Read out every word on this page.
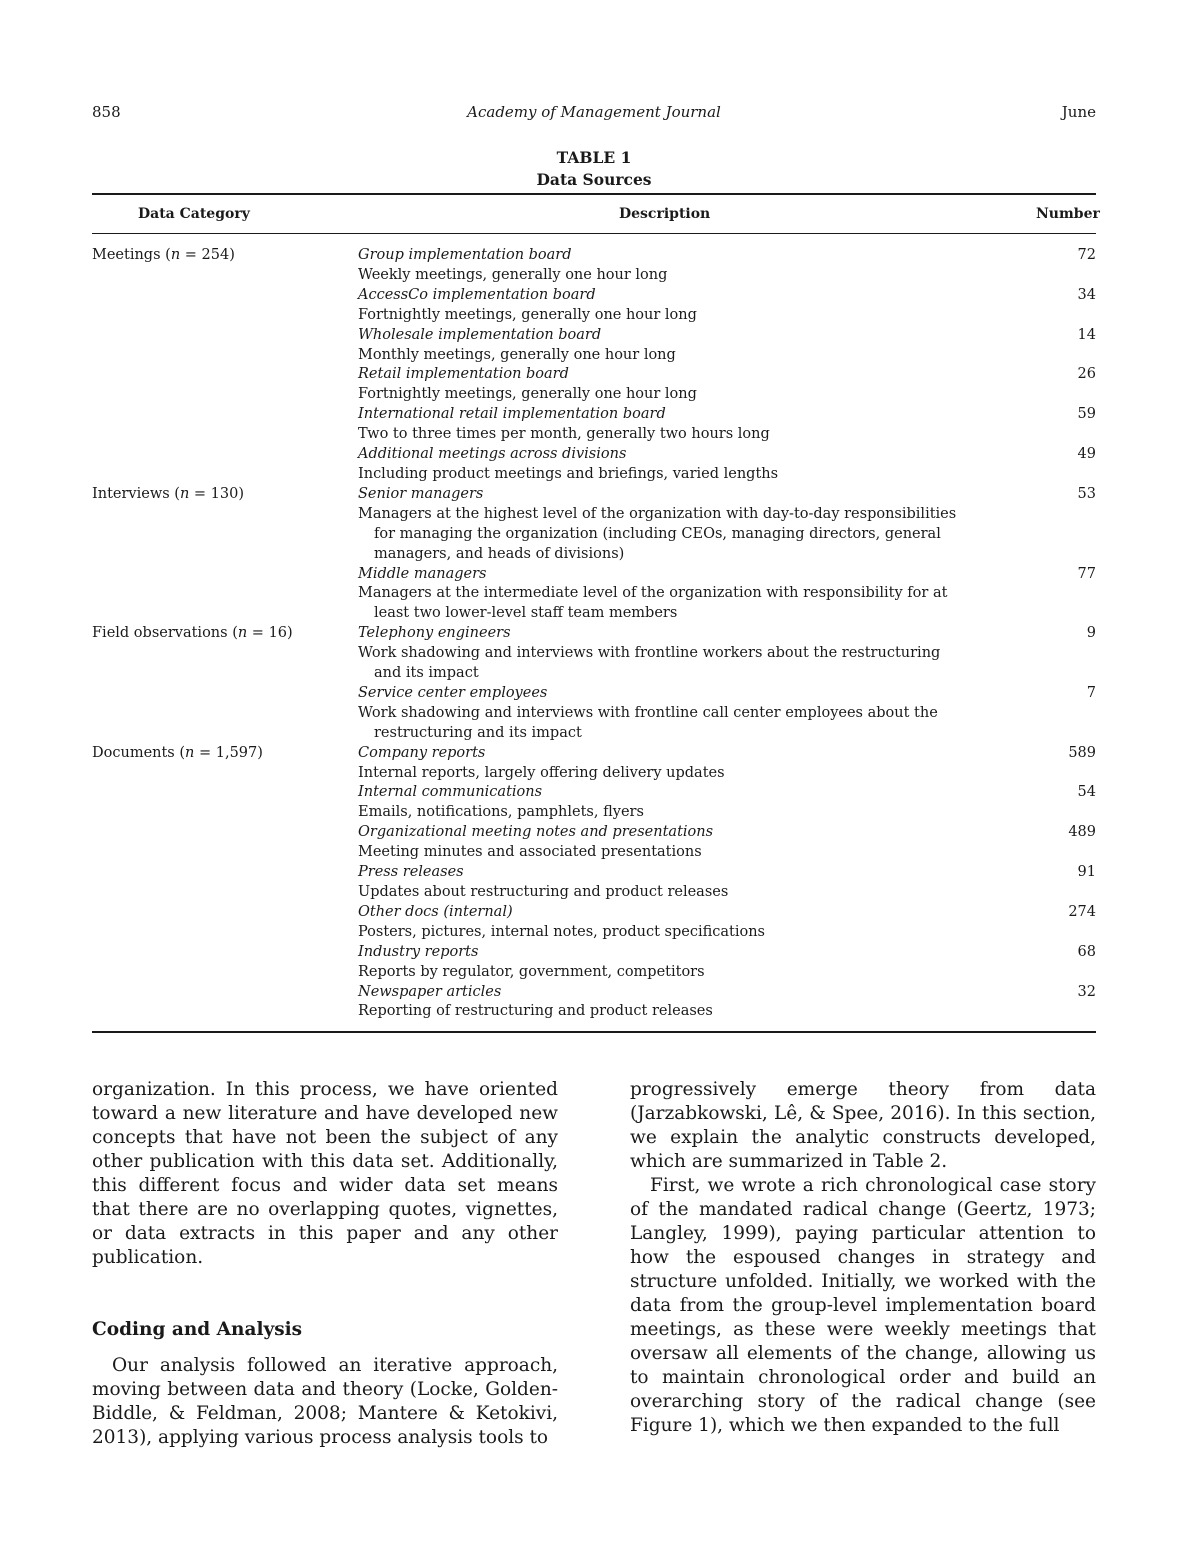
858	Academy of Management Journal	June
TABLE 1
Data Sources
Data Category	Description	Number
Meetings (n = 254)	Group implementation board	72
Weekly meetings, generally one hour long
AccessCo implementation board	34
Fortnightly meetings, generally one hour long
Wholesale implementation board	14
Monthly meetings, generally one hour long
Retail implementation board	26
Fortnightly meetings, generally one hour long
International retail implementation board	59
Two to three times per month, generally two hours long
Additional meetings across divisions	49
Including product meetings and briefings, varied lengths
Interviews (n = 130)	Senior managers	53
Managers at the highest level of the organization with day-to-day responsibilities for managing the organization (including CEOs, managing directors, general managers, and heads of divisions)
Middle managers	77
Managers at the intermediate level of the organization with responsibility for at least two lower-level staff team members
Field observations (n = 16)	Telephony engineers	9
Work shadowing and interviews with frontline workers about the restructuring and its impact
Service center employees	7
Work shadowing and interviews with frontline call center employees about the restructuring and its impact
Documents (n = 1,597)	Company reports	589
Internal reports, largely offering delivery updates
Internal communications	54
Emails, notifications, pamphlets, flyers
Organizational meeting notes and presentations	489
Meeting minutes and associated presentations
Press releases	91
Updates about restructuring and product releases
Other docs (internal)	274
Posters, pictures, internal notes, product specifications
Industry reports	68
Reports by regulator, government, competitors
Newspaper articles	32
Reporting of restructuring and product releases

organization. In this process, we have oriented toward a new literature and have developed new concepts that have not been the subject of any other publication with this data set. Additionally, this different focus and wider data set means that there are no overlapping quotes, vignettes, or data extracts in this paper and any other publication.

Coding and Analysis

Our analysis followed an iterative approach, moving between data and theory (Locke, Golden-Biddle, & Feldman, 2008; Mantere & Ketokivi, 2013), applying various process analysis tools to

progressively emerge theory from data (Jarzabkowski, Lê, & Spee, 2016). In this section, we explain the analytic constructs developed, which are summarized in Table 2.

First, we wrote a rich chronological case story of the mandated radical change (Geertz, 1973; Langley, 1999), paying particular attention to how the espoused changes in strategy and structure unfolded. Initially, we worked with the data from the group-level implementation board meetings, as these were weekly meetings that oversaw all elements of the change, allowing us to maintain chronological order and build an overarching story of the radical change (see Figure 1), which we then expanded to the full
